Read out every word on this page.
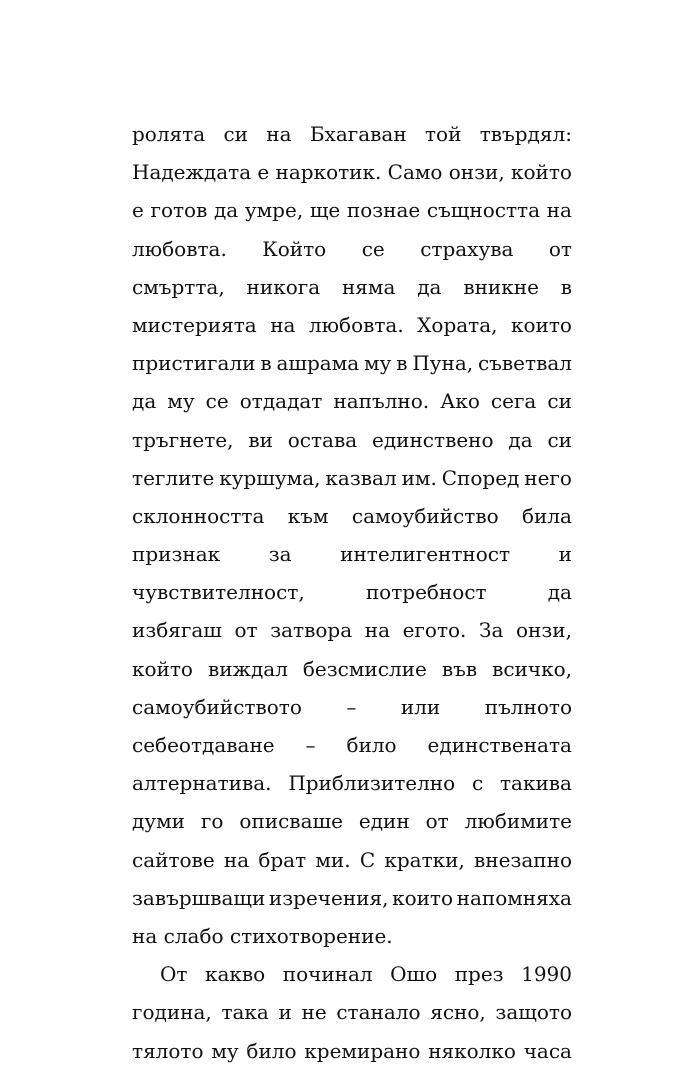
ролята си на Бхагаван той твърдял:
Надеждата е наркотик. Само онзи, който
е готов да умре, ще познае същността на
любовта. Който се страхува от
смъртта, никога няма да вникне в
мистерията на любовта. Хората, които
пристигали в ашрама му в Пуна, съветвал
да му се отдадат напълно. Ако сега си
тръгнете, ви остава единствено да си
теглите куршума, казвал им. Според него
склонността към самоубийство била
признак за интелигентност и
чувствителност,	потребност	да
избягаш от затвора на егото. За онзи,
който виждал безсмислие във всичко,
самоубийството – или пълното
себеотдаване – било единствената
алтернатива. Приблизително с такива
думи го описваше един от любимите
сайтове на брат ми. С кратки, внезапно
завършващи изречения, които напомняха
на слабо стихотворение.
От какво починал Ошо през 1990
година, така и не станало ясно, защото
тялото му било кремирано няколко часа
